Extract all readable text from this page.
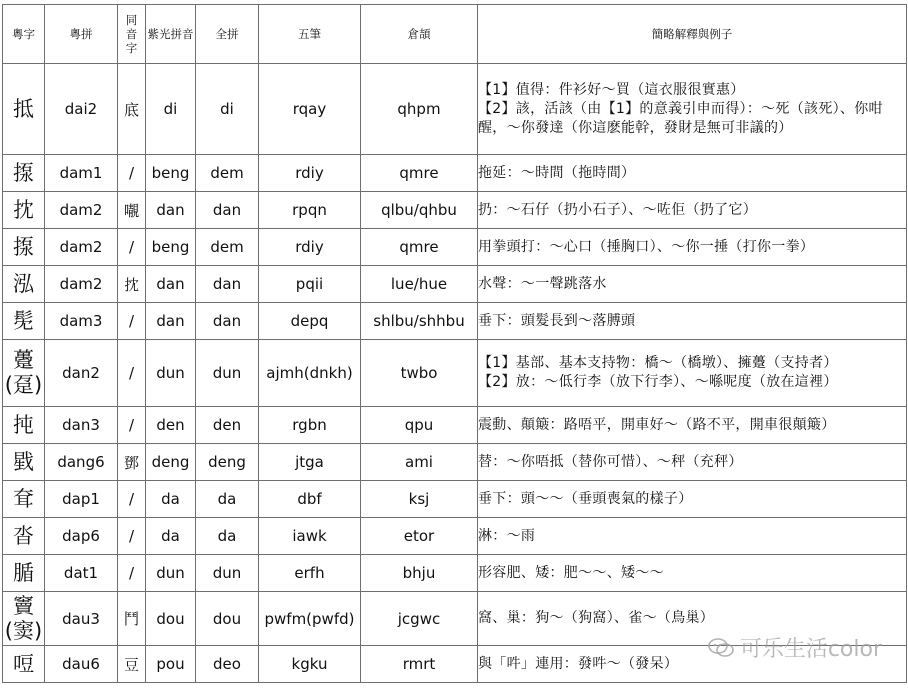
粵字	粵拼	同音字	紫光拼音	全拼	五筆	倉頡	簡略解釋與例子
抵	dai2	底	di	di	rqay	qhpm	【1】值得：件衫好～買（這衣服很實惠）
【2】該，活該（由【1】的意義引申而得）：～死（該死）、你咁醒，～你發達（你這麽能幹，發財是無可非議的）

揼	dam1	/	beng	dem	rdiy	qmre	拖延：～時間（拖時間）

抌	dam2	𡃁	dan	dan	rpqn	qlbu/qhbu	扔：～石仔（扔小石子）、～咗佢（扔了它）

揼	dam2	/	beng	dem	rdiy	qmre	用拳頭打：～心口（捶胸口）、～你一捶（打你一拳）

泓	dam2	抌	dan	dan	pqii	lue/hue	水聲：～一聲跳落水

髧	dam3	/	dan	dan	depq	shlbu/shhbu	垂下：頭髮長到～落膊頭

躉(趸)	dan2	/	dun	dun	ajmh(dnkh)	twbo	【1】基部、基本支持物：橋～（橋墩）、擁躉（支持者）
【2】放：～低行李（放下行李）、～喺呢度（放在這裡）

扽	dan3	/	den	den	rgbn	qpu	震動、顛簸：路唔平，開車好～（路不平，開車很顛簸）

戥	dang6	鄧	deng	deng	jtga	ami	替：～你唔抵（替你可惜）、～秤（充秤）

耷	dap1	/	da	da	dbf	ksj	垂下：頭～～（垂頭喪氣的樣子）

沓	dap6	/	da	da	iawk	etor	淋：～雨

腯	dat1	/	dun	dun	erfh	bhju	形容肥、矮：肥～～、矮～～

竇(窦)	dau3	鬥	dou	dou	pwfm(pwfd)	jcgwc	窩、巢：狗～（狗窩）、雀～（鳥巢）

哣	dau6	豆	pou	deo	kgku	rmrt	與「吽」連用：發吽～（發呆）
可乐生活color
